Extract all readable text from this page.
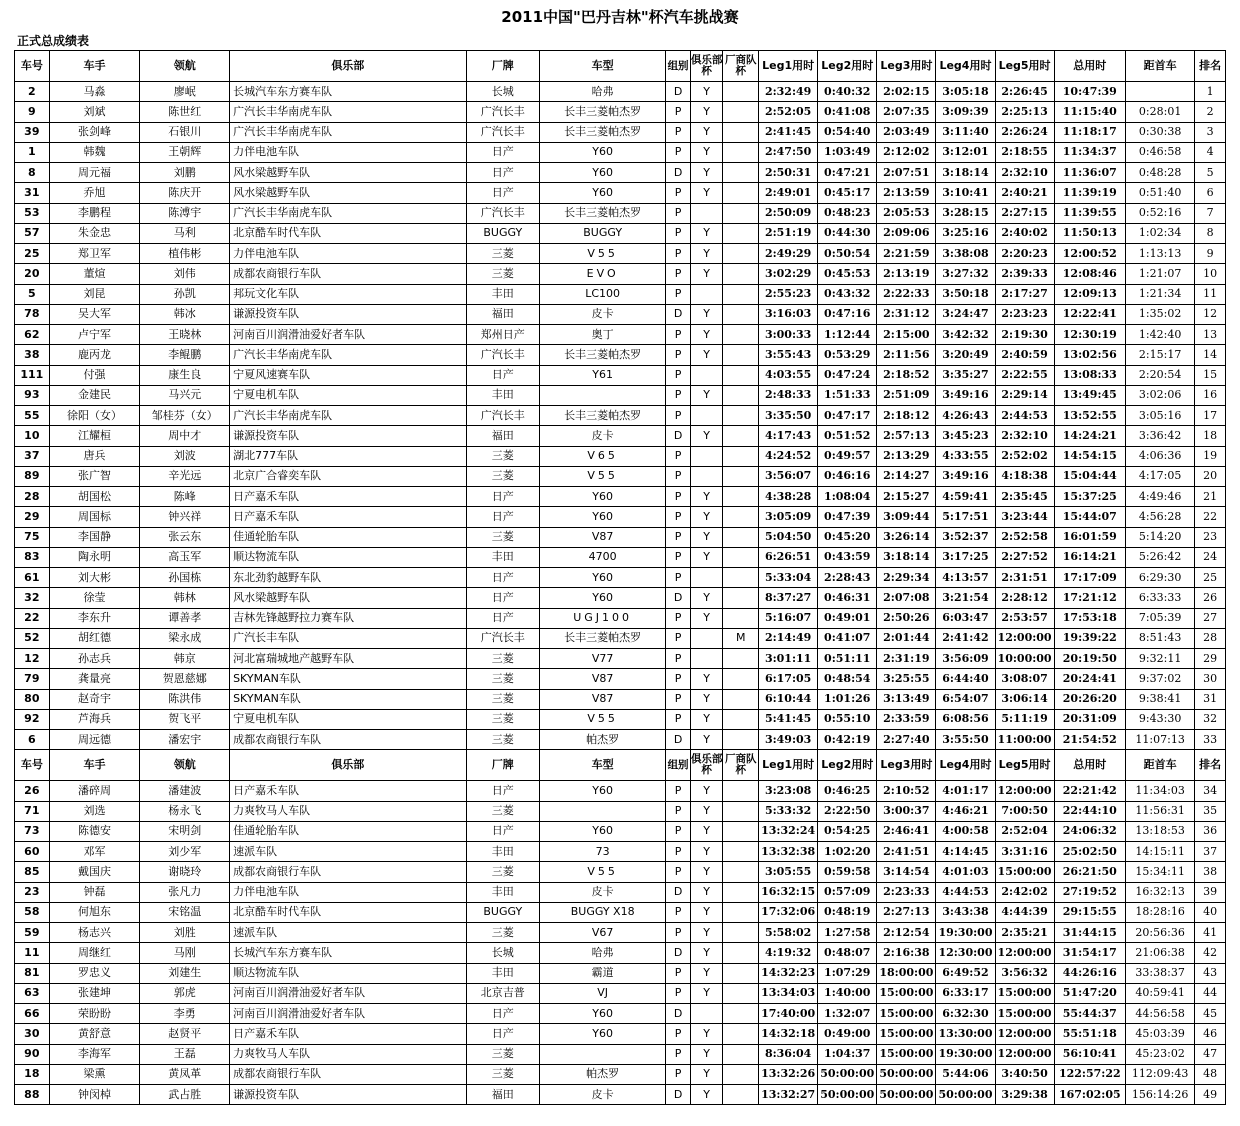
2011中国"巴丹吉林"杯汽车挑战赛
正式总成绩表
车号	车手	领航	俱乐部	厂牌	车型	组别	俱乐部杯	厂商队杯	Leg1用时	Leg2用时	Leg3用时	Leg4用时	Leg5用时	总用时	距首车	排名
2	马淼	廖岷	长城汽车东方赛车队	长城	哈弗	D	Y		2:32:49	0:40:32	2:02:15	3:05:18	2:26:45	10:47:39		1
9	刘斌	陈世红	广汽长丰华南虎车队	广汽长丰	长丰三菱帕杰罗	P	Y		2:52:05	0:41:08	2:07:35	3:09:39	2:25:13	11:15:40	0:28:01	2
39	张剑峰	石银川	广汽长丰华南虎车队	广汽长丰	长丰三菱帕杰罗	P	Y		2:41:45	0:54:40	2:03:49	3:11:40	2:26:24	11:18:17	0:30:38	3
1	韩魏	王朝辉	力伴电池车队	日产	Y60	P	Y		2:47:50	1:03:49	2:12:02	3:12:01	2:18:55	11:34:37	0:46:58	4
8	周元福	刘鹏	风水梁越野车队	日产	Y60	D	Y		2:50:31	0:47:21	2:07:51	3:18:14	2:32:10	11:36:07	0:48:28	5
31	乔旭	陈庆开	风水梁越野车队	日产	Y60	P	Y		2:49:01	0:45:17	2:13:59	3:10:41	2:40:21	11:39:19	0:51:40	6
53	李鹏程	陈溥宇	广汽长丰华南虎车队	广汽长丰	长丰三菱帕杰罗	P			2:50:09	0:48:23	2:05:53	3:28:15	2:27:15	11:39:55	0:52:16	7
57	朱金忠	马利	北京酷车时代车队	BUGGY	BUGGY	P	Y		2:51:19	0:44:30	2:09:06	3:25:16	2:40:02	11:50:13	1:02:34	8
25	郑卫军	植伟彬	力伴电池车队	三菱	V55	P	Y		2:49:29	0:50:54	2:21:59	3:38:08	2:20:23	12:00:52	1:13:13	9
20	董煊	刘伟	成都农商银行车队	三菱	EVO	P	Y		3:02:29	0:45:53	2:13:19	3:27:32	2:39:33	12:08:46	1:21:07	10
5	刘昆	孙凯	邦玩文化车队	丰田	LC100	P			2:55:23	0:43:32	2:22:33	3:50:18	2:17:27	12:09:13	1:21:34	11
78	吴大军	韩冰	谦源投资车队	福田	皮卡	D	Y		3:16:03	0:47:16	2:31:12	3:24:47	2:23:23	12:22:41	1:35:02	12
62	卢宁军	王晓林	河南百川润滑油爱好者车队	郑州日产	奥丁	P	Y		3:00:33	1:12:44	2:15:00	3:42:32	2:19:30	12:30:19	1:42:40	13
38	鹿丙龙	李鲲鹏	广汽长丰华南虎车队	广汽长丰	长丰三菱帕杰罗	P	Y		3:55:43	0:53:29	2:11:56	3:20:49	2:40:59	13:02:56	2:15:17	14
111	付强	康生良	宁夏风速赛车队	日产	Y61	P			4:03:55	0:47:24	2:18:52	3:35:27	2:22:55	13:08:33	2:20:54	15
93	金建民	马兴元	宁夏电机车队	丰田		P	Y		2:48:33	1:51:33	2:51:09	3:49:16	2:29:14	13:49:45	3:02:06	16
55	徐阳（女）	邹桂芬（女）	广汽长丰华南虎车队	广汽长丰	长丰三菱帕杰罗	P			3:35:50	0:47:17	2:18:12	4:26:43	2:44:53	13:52:55	3:05:16	17
10	江耀桓	周中才	谦源投资车队	福田	皮卡	D	Y		4:17:43	0:51:52	2:57:13	3:45:23	2:32:10	14:24:21	3:36:42	18
37	唐兵	刘波	湖北777车队	三菱	V65	P			4:24:52	0:49:57	2:13:29	4:33:55	2:52:02	14:54:15	4:06:36	19
89	张广智	辛光远	北京广合睿奕车队	三菱	V55	P			3:56:07	0:46:16	2:14:27	3:49:16	4:18:38	15:04:44	4:17:05	20
28	胡国松	陈峰	日产嘉禾车队	日产	Y60	P	Y		4:38:28	1:08:04	2:15:27	4:59:41	2:35:45	15:37:25	4:49:46	21
29	周国标	钟兴祥	日产嘉禾车队	日产	Y60	P	Y		3:05:09	0:47:39	3:09:44	5:17:51	3:23:44	15:44:07	4:56:28	22
75	李国静	张云东	佳通轮胎车队	三菱	V87	P	Y		5:04:50	0:45:20	3:26:14	3:52:37	2:52:58	16:01:59	5:14:20	23
83	陶永明	高玉军	顺达物流车队	丰田	4700	P	Y		6:26:51	0:43:59	3:18:14	3:17:25	2:27:52	16:14:21	5:26:42	24
61	刘大彬	孙国栋	东北劲豹越野车队	日产	Y60	P			5:33:04	2:28:43	2:29:34	4:13:57	2:31:51	17:17:09	6:29:30	25
32	徐莹	韩林	风水梁越野车队	日产	Y60	D	Y		8:37:27	0:46:31	2:07:08	3:21:54	2:28:12	17:21:12	6:33:33	26
22	李东升	谭善孝	吉林先锋越野拉力赛车队	日产	UGJ100	P	Y		5:16:07	0:49:01	2:50:26	6:03:47	2:53:57	17:53:18	7:05:39	27
52	胡红德	梁永成	广汽长丰车队	广汽长丰	长丰三菱帕杰罗	P		M	2:14:49	0:41:07	2:01:44	2:41:42	12:00:00	19:39:22	8:51:43	28
12	孙志兵	韩京	河北富瑞城地产越野车队	三菱	V77	P			3:01:11	0:51:11	2:31:19	3:56:09	10:00:00	20:19:50	9:32:11	29
79	龚量亮	贺恩慈娜	SKYMAN车队	三菱	V87	P	Y		6:17:05	0:48:54	3:25:55	6:44:40	3:08:07	20:24:41	9:37:02	30
80	赵奇宇	陈洪伟	SKYMAN车队	三菱	V87	P	Y		6:10:44	1:01:26	3:13:49	6:54:07	3:06:14	20:26:20	9:38:41	31
92	芦海兵	贺飞平	宁夏电机车队	三菱	V55	P	Y		5:41:45	0:55:10	2:33:59	6:08:56	5:11:19	20:31:09	9:43:30	32
6	周远德	潘宏宇	成都农商银行车队	三菱	帕杰罗	D	Y		3:49:03	0:42:19	2:27:40	3:55:50	11:00:00	21:54:52	11:07:13	33
车号	车手	领航	俱乐部	厂牌	车型	组别	俱乐部杯	厂商队杯	Leg1用时	Leg2用时	Leg3用时	Leg4用时	Leg5用时	总用时	距首车	排名
26	潘碎周	潘建波	日产嘉禾车队	日产	Y60	P	Y		3:23:08	0:46:25	2:10:52	4:01:17	12:00:00	22:21:42	11:34:03	34
71	刘选	杨永飞	力爽牧马人车队	三菱		P	Y		5:33:32	2:22:50	3:00:37	4:46:21	7:00:50	22:44:10	11:56:31	35
73	陈德安	宋明剑	佳通轮胎车队	日产	Y60	P	Y		13:32:24	0:54:25	2:46:41	4:00:58	2:52:04	24:06:32	13:18:53	36
60	邓军	刘少军	速派车队	丰田	73	P	Y		13:32:38	1:02:20	2:41:51	4:14:45	3:31:16	25:02:50	14:15:11	37
85	戴国庆	谢晓玲	成都农商银行车队	三菱	V55	P	Y		3:05:55	0:59:58	3:14:54	4:01:03	15:00:00	26:21:50	15:34:11	38
23	钟磊	张凡力	力伴电池车队	丰田	皮卡	D	Y		16:32:15	0:57:09	2:23:33	4:44:53	2:42:02	27:19:52	16:32:13	39
58	何旭东	宋铭温	北京酷车时代车队	BUGGY	BUGGY X18	P	Y		17:32:06	0:48:19	2:27:13	3:43:38	4:44:39	29:15:55	18:28:16	40
59	杨志兴	刘胜	速派车队	三菱	V67	P	Y		5:58:02	1:27:58	2:12:54	19:30:00	2:35:21	31:44:15	20:56:36	41
11	周继红	马刚	长城汽车东方赛车队	长城	哈弗	D	Y		4:19:32	0:48:07	2:16:38	12:30:00	12:00:00	31:54:17	21:06:38	42
81	罗忠义	刘建生	顺达物流车队	丰田	霸道	P	Y		14:32:23	1:07:29	18:00:00	6:49:52	3:56:32	44:26:16	33:38:37	43
63	张建坤	郭虎	河南百川润滑油爱好者车队	北京吉普	VJ	P	Y		13:34:03	1:40:00	15:00:00	6:33:17	15:00:00	51:47:20	40:59:41	44
66	荣盼盼	李勇	河南百川润滑油爱好者车队	日产	Y60	D			17:40:00	1:32:07	15:00:00	6:32:30	15:00:00	55:44:37	44:56:58	45
30	黄舒意	赵贤平	日产嘉禾车队	日产	Y60	P	Y		14:32:18	0:49:00	15:00:00	13:30:00	12:00:00	55:51:18	45:03:39	46
90	李海军	王磊	力爽牧马人车队	三菱		P	Y		8:36:04	1:04:37	15:00:00	19:30:00	12:00:00	56:10:41	45:23:02	47
18	梁熏	黄凤革	成都农商银行车队	三菱	帕杰罗	P	Y		13:32:26	50:00:00	50:00:00	5:44:06	3:40:50	122:57:22	112:09:43	48
88	钟闵棹	武占胜	谦源投资车队	福田	皮卡	D	Y		13:32:27	50:00:00	50:00:00	50:00:00	3:29:38	167:02:05	156:14:26	49
